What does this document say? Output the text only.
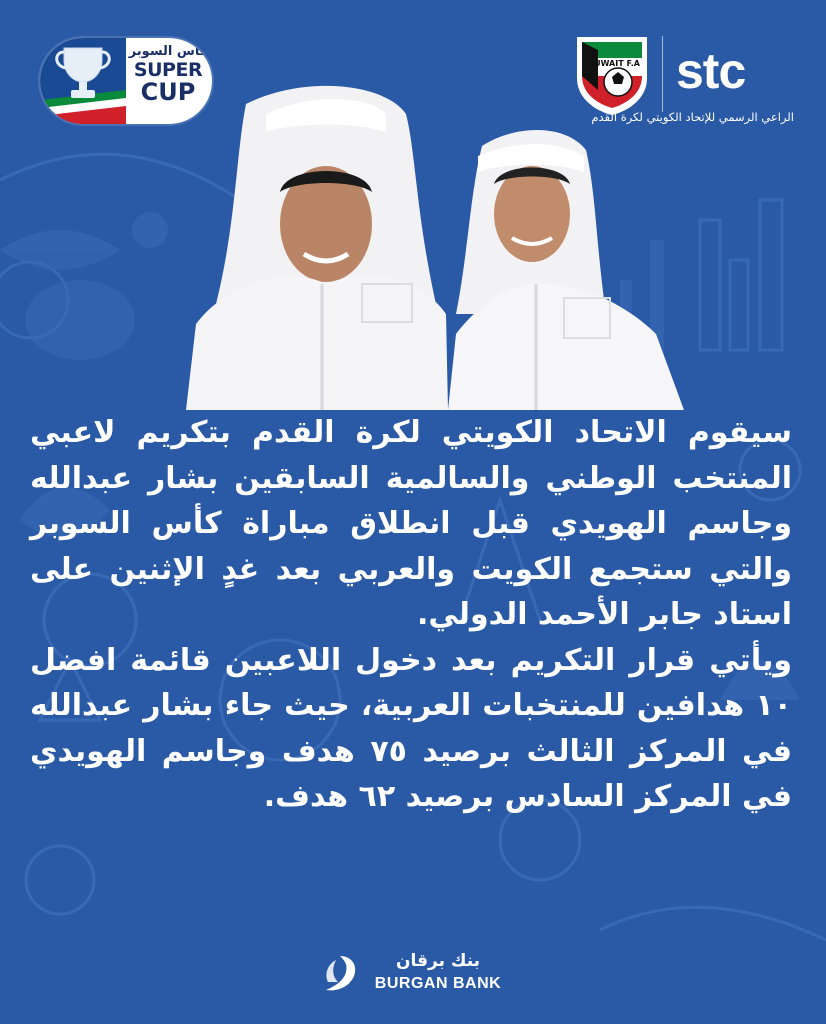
كأس السوبر
SUPER
CUP
KUWAIT F.A stc
الراعي الرسمي للإتحاد الكويتي لكرة القدم

سيقوم الاتحاد الكويتي لكرة القدم بتكريم لاعبي المنتخب الوطني والسالمية السابقين بشار عبدالله وجاسم الهويدي قبل انطلاق مباراة كأس السوبر والتي ستجمع الكويت والعربي بعد غدٍ الإثنين على استاد جابر الأحمد الدولي.

ويأتي قرار التكريم بعد دخول اللاعبين قائمة افضل ١٠ هدافين للمنتخبات العربية، حيث جاء بشار عبدالله في المركز الثالث برصيد ٧٥ هدف وجاسم الهويدي في المركز السادس برصيد ٦٢ هدف.

بنك برقان
BURGAN BANK
